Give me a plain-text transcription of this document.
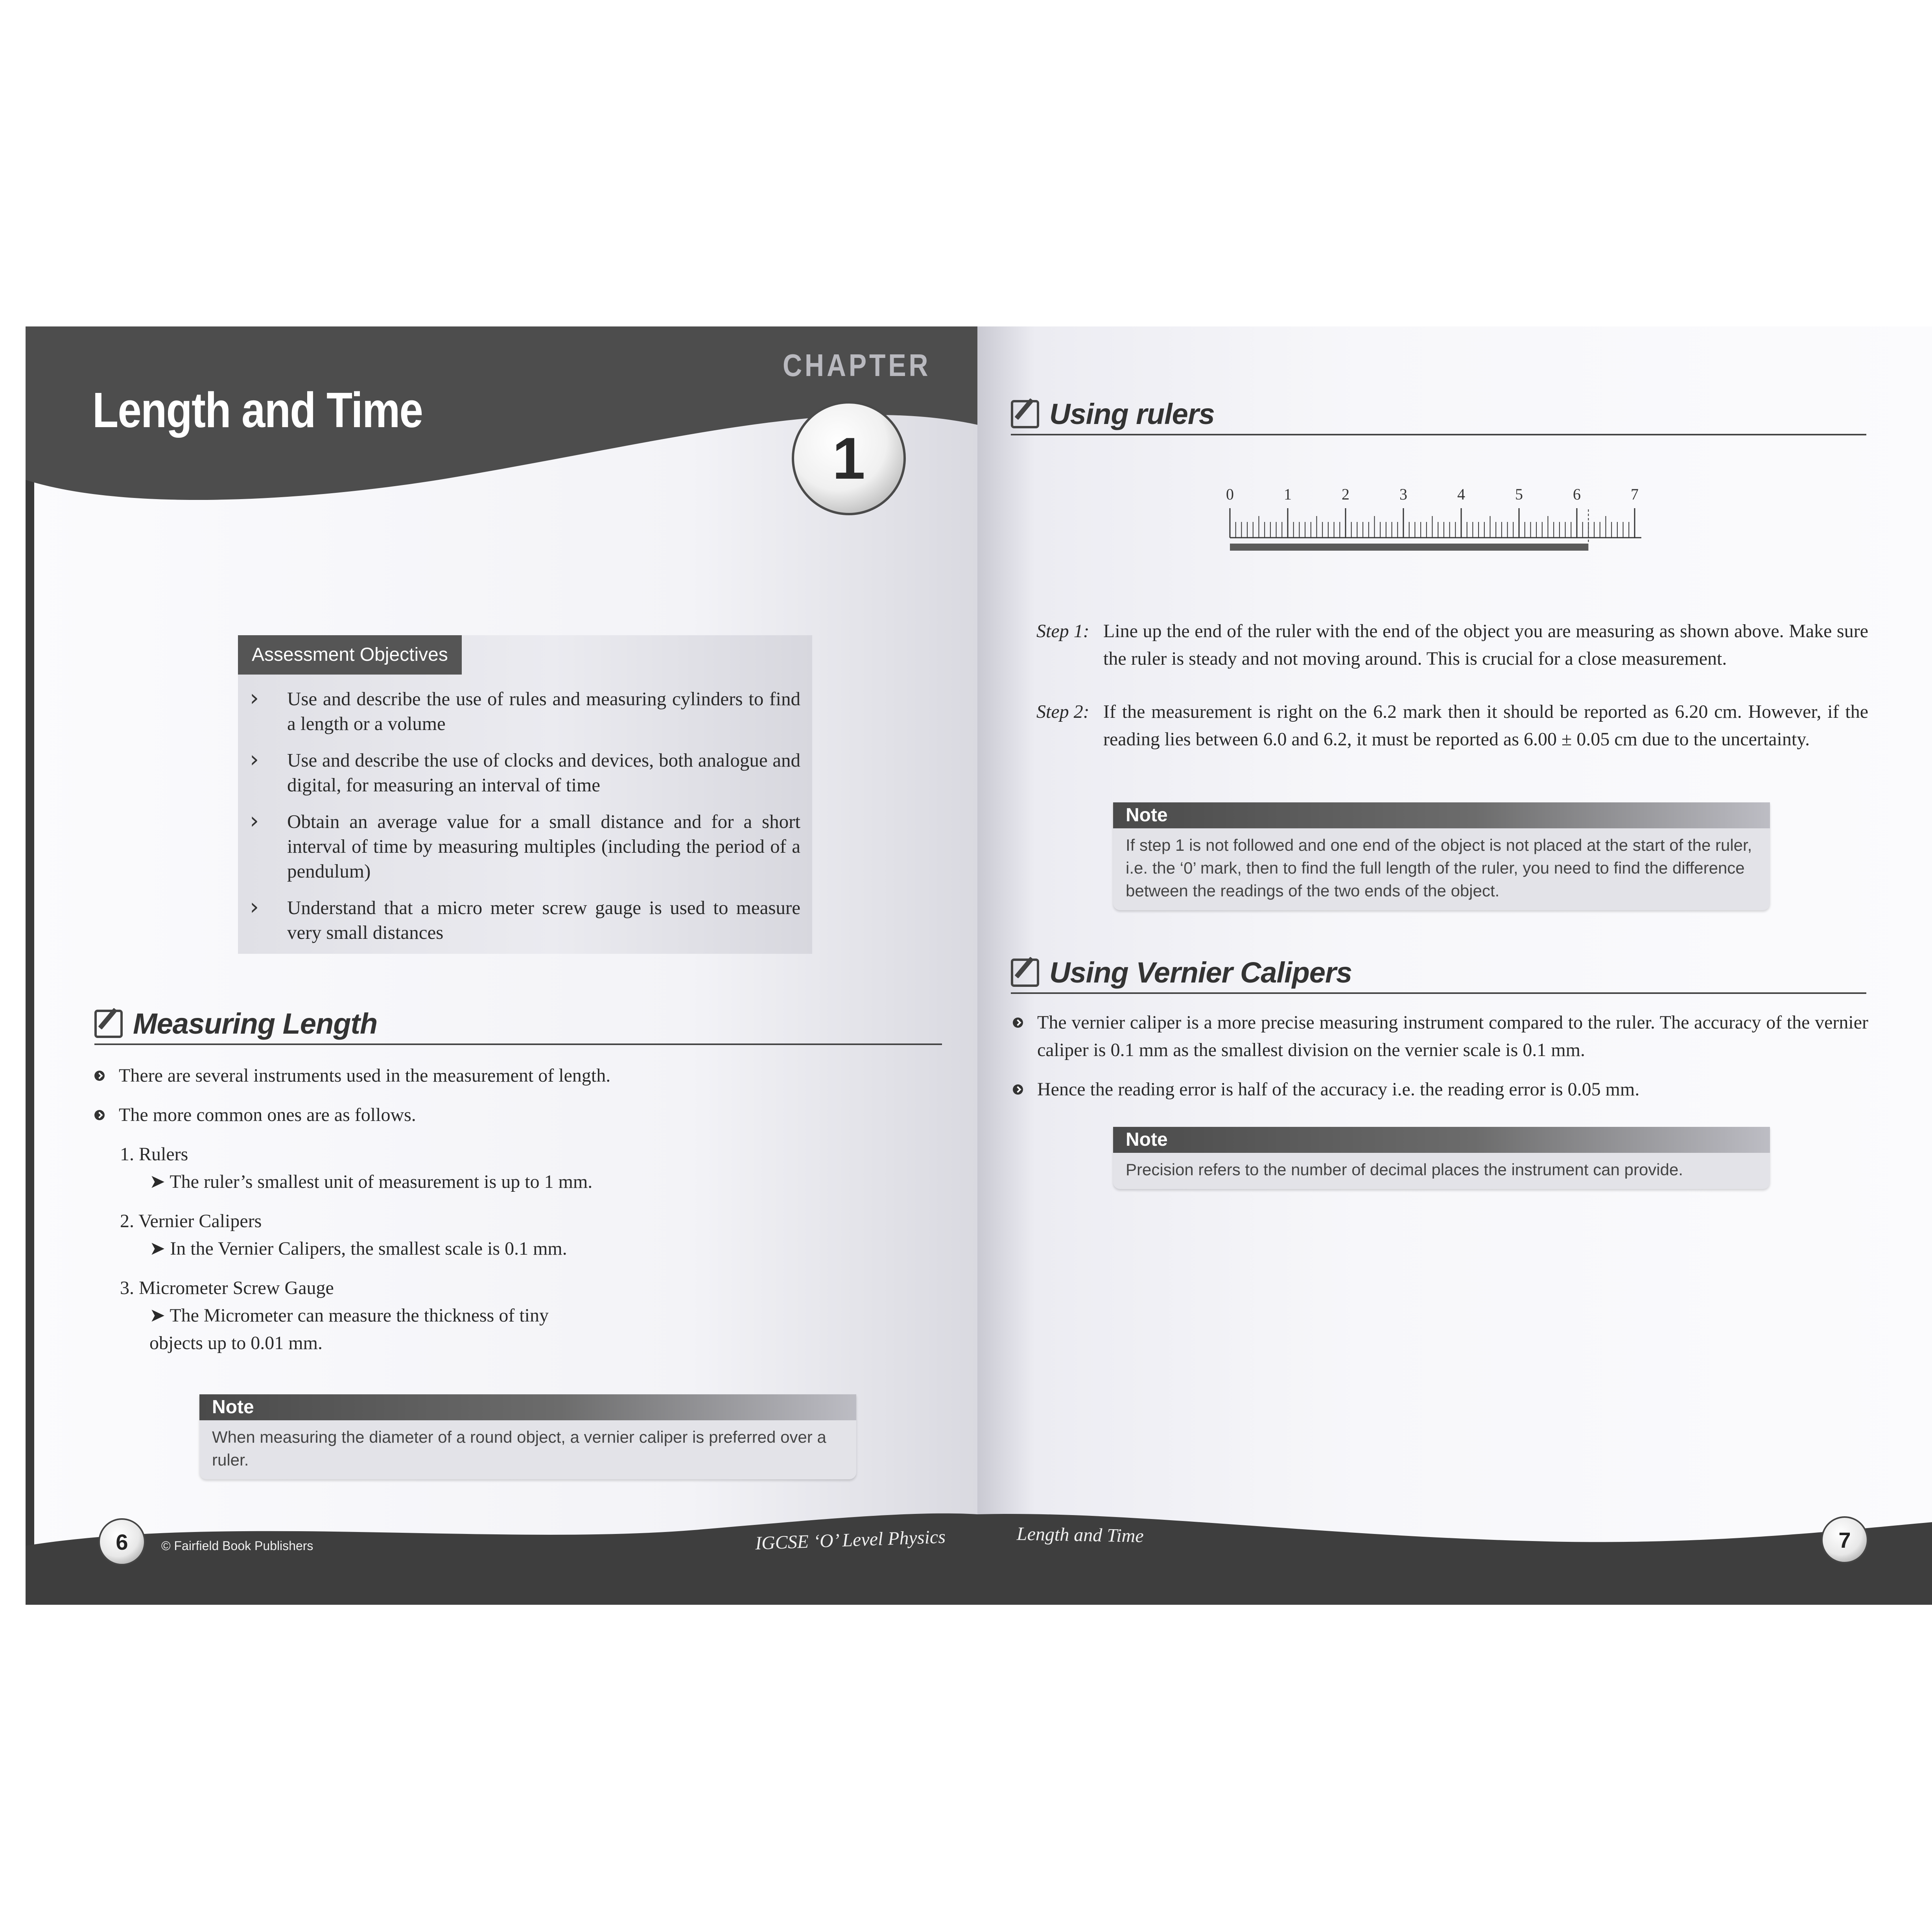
Length and Time
CHAPTER
1
Assessment Objectives
› Use and describe the use of rules and measuring cylinders to find a length or a volume
› Use and describe the use of clocks and devices, both analogue and digital, for measuring an interval of time
› Obtain an average value for a small distance and for a short interval of time by measuring multiples (including the period of a pendulum)
› Understand that a micro meter screw gauge is used to measure very small distances
Measuring Length
There are several instruments used in the measurement of length.
The more common ones are as follows.
1. Rulers
➤ The ruler’s smallest unit of measurement is up to 1 mm.
2. Vernier Calipers
➤ In the Vernier Calipers, the smallest scale is 0.1 mm.
3. Micrometer Screw Gauge
➤ The Micrometer can measure the thickness of tiny objects up to 0.01 mm.
Note
When measuring the diameter of a round object, a vernier caliper is preferred over a ruler.
6	© Fairfield Book Publishers	IGCSE ‘O’ Level Physics
Using rulers
0	1	2	3	4	5	6	7
Step 1: Line up the end of the ruler with the end of the object you are measuring as shown above. Make sure the ruler is steady and not moving around. This is crucial for a close measurement.
Step 2: If the measurement is right on the 6.2 mark then it should be reported as 6.20 cm. However, if the reading lies between 6.0 and 6.2, it must be reported as 6.00 ± 0.05 cm due to the uncertainty.
Note
If step 1 is not followed and one end of the object is not placed at the start of the ruler, i.e. the ‘0’ mark, then to find the full length of the ruler, you need to find the difference between the readings of the two ends of the object.
Using Vernier Calipers
The vernier caliper is a more precise measuring instrument compared to the ruler. The accuracy of the vernier caliper is 0.1 mm as the smallest division on the vernier scale is 0.1 mm.
Hence the reading error is half of the accuracy i.e. the reading error is 0.05 mm.
Note
Precision refers to the number of decimal places the instrument can provide.
Length and Time	7
